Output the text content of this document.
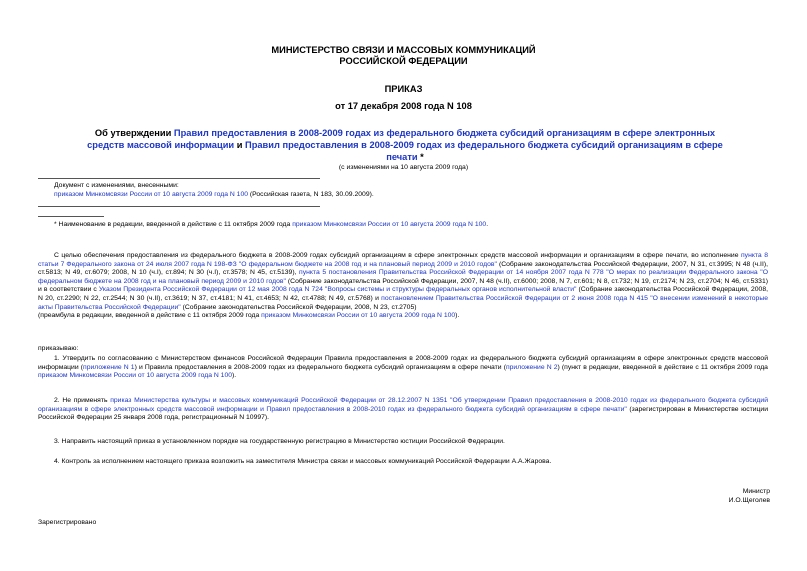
МИНИСТЕРСТВО СВЯЗИ И МАССОВЫХ КОММУНИКАЦИЙ
РОССИЙСКОЙ ФЕДЕРАЦИИ
ПРИКАЗ
от 17 декабря 2008 года N 108
Об утверждении Правил предоставления в 2008-2009 годах из федерального бюджета субсидий организациям в сфере электронных средств массовой информации и Правил предоставления в 2008-2009 годах из федерального бюджета субсидий организациям в сфере печати *
(с изменениями на 10 августа 2009 года)
Документ с изменениями, внесенными:
приказом Минкомсвязи России от 10 августа 2009 года N 100 (Российская газета, N 183, 30.09.2009).
* Наименование в редакции, введенной в действие с 11 октября 2009 года приказом Минкомсвязи России от 10 августа 2009 года N 100.
С целью обеспечения предоставления из федерального бюджета в 2008-2009 годах субсидий организациям в сфере электронных средств массовой информации и организациям в сфере печати, во исполнение пункта 8 статьи 7 Федерального закона от 24 июля 2007 года N 198-ФЗ "О федеральном бюджете на 2008 год и на плановый период 2009 и 2010 годов" (Собрание законодательства Российской Федерации, 2007, N 31, ст.3995; N 48 (ч.II), ст.5813; N 49, ст.6079; 2008, N 10 (ч.I), ст.894; N 30 (ч.I), ст.3578; N 45, ст.5139), пункта 5 постановления Правительства Российской Федерации от 14 ноября 2007 года N 778 "О мерах по реализации Федерального закона "О федеральном бюджете на 2008 год и на плановый период 2009 и 2010 годов" (Собрание законодательства Российской Федерации, 2007, N 48 (ч.II), ст.6000; 2008, N 7, ст.601; N 8, ст.732; N 19, ст.2174; N 23, ст.2704; N 46, ст.5331) и в соответствии с Указом Президента Российской Федерации от 12 мая 2008 года N 724 "Вопросы системы и структуры федеральных органов исполнительной власти" (Собрание законодательства Российской Федерации, 2008, N 20, ст.2290; N 22, ст.2544; N 30 (ч.II), ст.3619; N 37, ст.4181; N 41, ст.4653; N 42, ст.4788; N 49, ст.5768) и постановлением Правительства Российской Федерации от 2 июня 2008 года N 415 "О внесении изменений в некоторые акты Правительства Российской Федерации" (Собрание законодательства Российской Федерации, 2008, N 23, ст.2705)
(преамбула в редакции, введенной в действие с 11 октября 2009 года приказом Минкомсвязи России от 10 августа 2009 года N 100).
приказываю:
1. Утвердить по согласованию с Министерством финансов Российской Федерации Правила предоставления в 2008-2009 годах из федерального бюджета субсидий организациям в сфере электронных средств массовой информации (приложение N 1) и Правила предоставления в 2008-2009 годах из федерального бюджета субсидий организациям в сфере печати (приложение N 2) (пункт в редакции, введенной в действие с 11 октября 2009 года приказом Минкомсвязи России от 10 августа 2009 года N 100).
2. Не применять приказ Министерства культуры и массовых коммуникаций Российской Федерации от 28.12.2007 N 1351 "Об утверждении Правил предоставления в 2008-2010 годах из федерального бюджета субсидий организациям в сфере электронных средств массовой информации и Правил предоставления в 2008-2010 годах из федерального бюджета субсидий организациям в сфере печати" (зарегистрирован в Министерстве юстиции Российской Федерации 25 января 2008 года, регистрационный N 10997).
3. Направить настоящий приказ в установленном порядке на государственную регистрацию в Министерство юстиции Российской Федерации.
4. Контроль за исполнением настоящего приказа возложить на заместителя Министра связи и массовых коммуникаций Российской Федерации А.А.Жарова.
Министр
И.О.Щеголев
Зарегистрировано
